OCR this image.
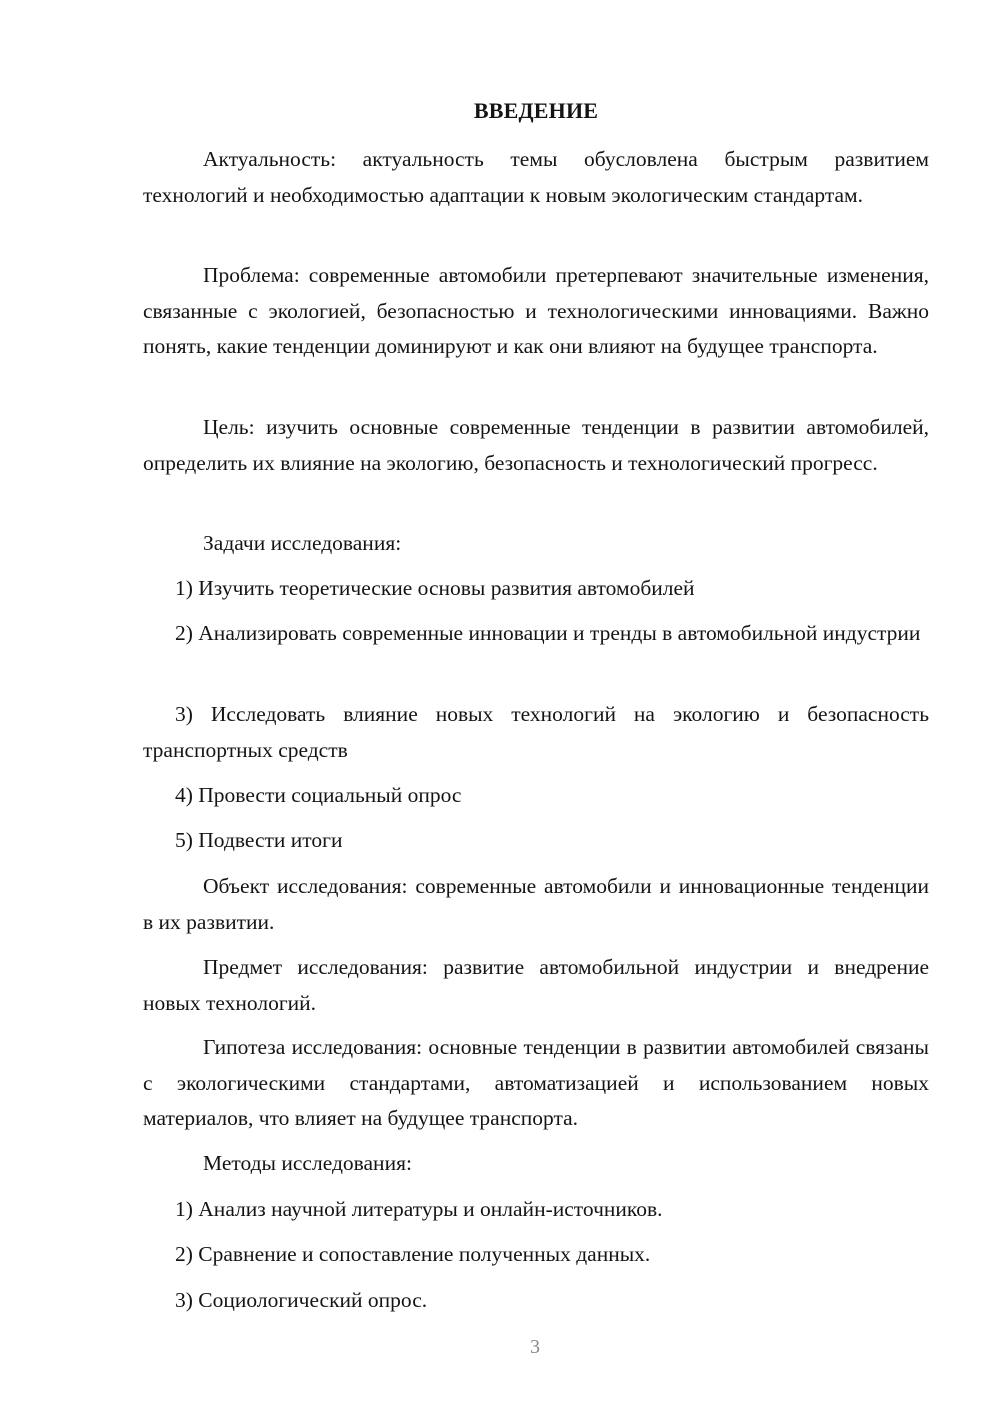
ВВЕДЕНИЕ

Актуальность: актуальность темы обусловлена быстрым развитием технологий и необходимостью адаптации к новым экологическим стандартам.

Проблема: современные автомобили претерпевают значительные изменения, связанные с экологией, безопасностью и технологическими инновациями. Важно понять, какие тенденции доминируют и как они влияют на будущее транспорта.

Цель: изучить основные современные тенденции в развитии автомобилей, определить их влияние на экологию, безопасность и технологический прогресс.

Задачи исследования:

1) Изучить теоретические основы развития автомобилей

2) Анализировать современные инновации и тренды в автомобильной индустрии

3) Исследовать влияние новых технологий на экологию и безопасность транспортных средств

4) Провести социальный опрос

5) Подвести итоги

Объект исследования: современные автомобили и инновационные тенденции в их развитии.

Предмет исследования: развитие автомобильной индустрии и внедрение новых технологий.

Гипотеза исследования: основные тенденции в развитии автомобилей связаны с экологическими стандартами, автоматизацией и использованием новых материалов, что влияет на будущее транспорта.

Методы исследования:

1) Анализ научной литературы и онлайн-источников.

2) Сравнение и сопоставление полученных данных.

3) Социологический опрос.

3
